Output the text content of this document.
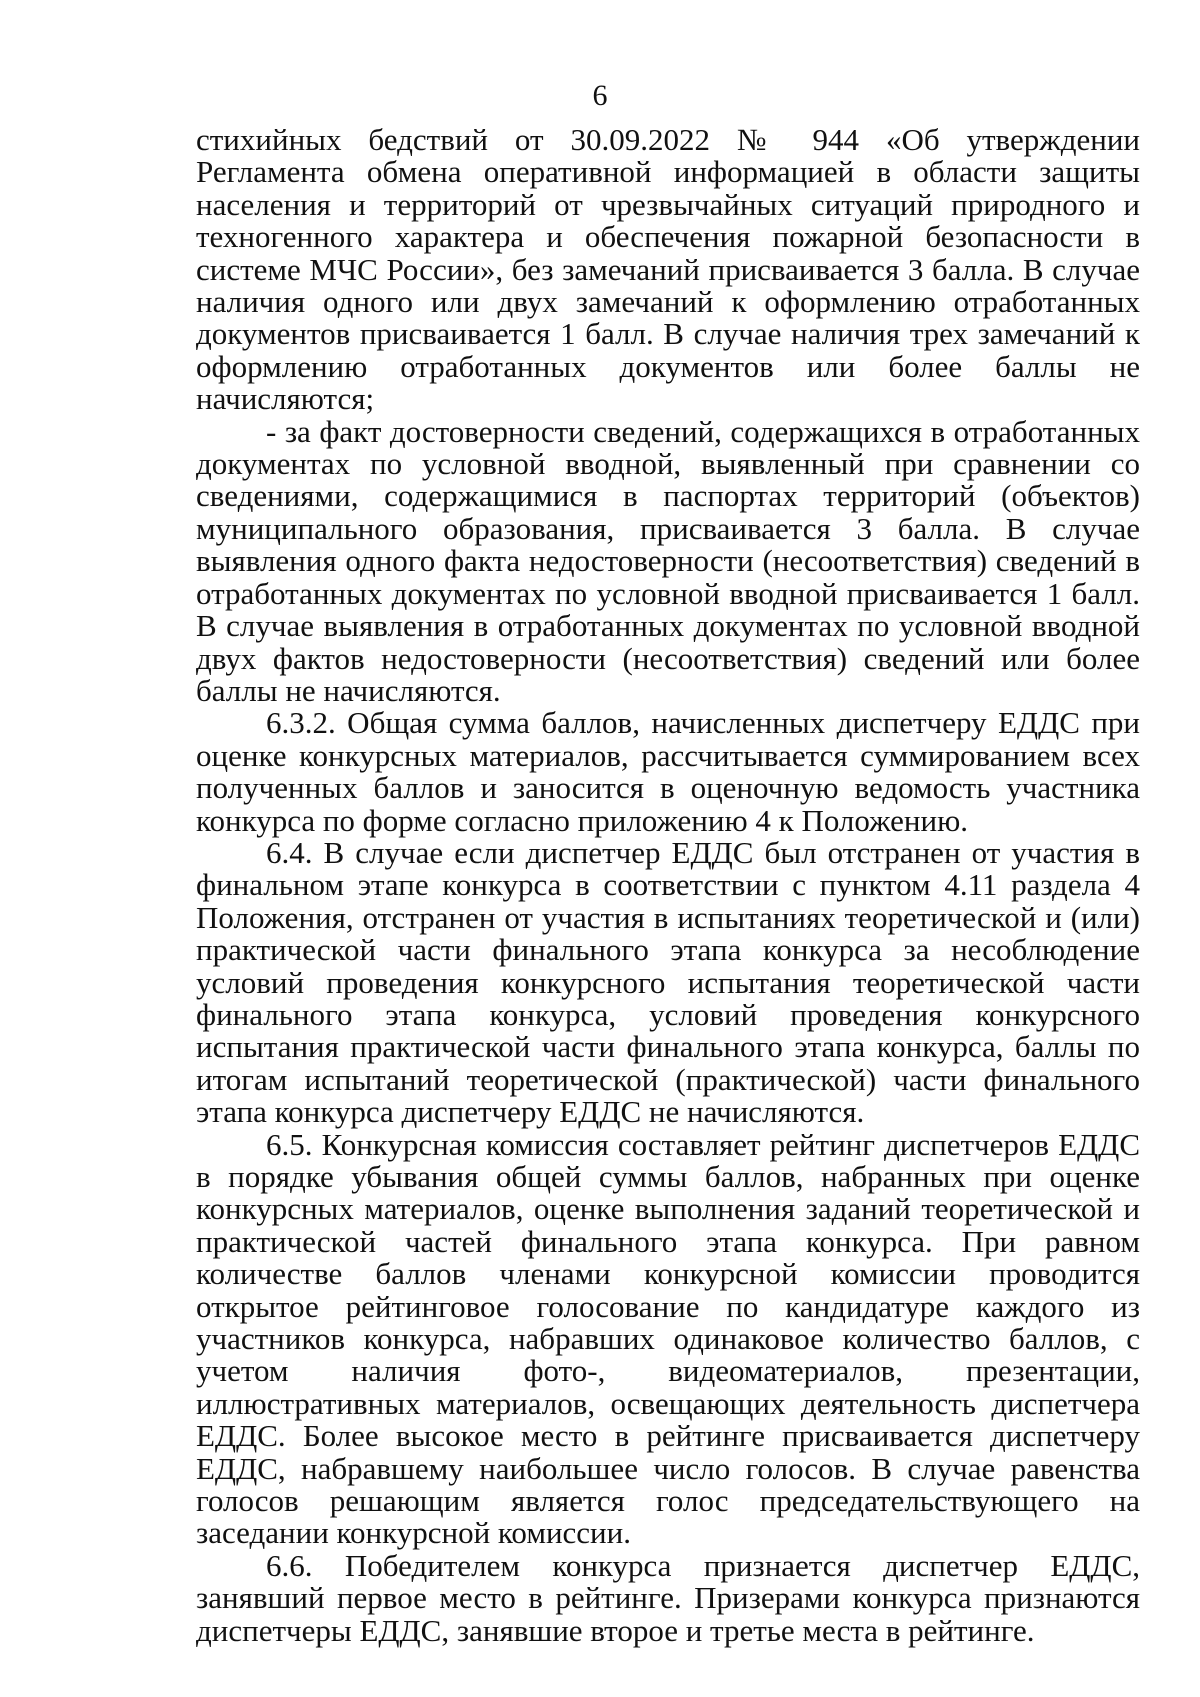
6

стихийных бедствий от 30.09.2022 № 944 «Об утверждении Регламента обмена оперативной информацией в области защиты населения и территорий от чрезвычайных ситуаций природного и техногенного характера и обеспечения пожарной безопасности в системе МЧС России», без замечаний присваивается 3 балла. В случае наличия одного или двух замечаний к оформлению отработанных документов присваивается 1 балл. В случае наличия трех замечаний к оформлению отработанных документов или более баллы не начисляются;

- за факт достоверности сведений, содержащихся в отработанных документах по условной вводной, выявленный при сравнении со сведениями, содержащимися в паспортах территорий (объектов) муниципального образования, присваивается 3 балла. В случае выявления одного факта недостоверности (несоответствия) сведений в отработанных документах по условной вводной присваивается 1 балл. В случае выявления в отработанных документах по условной вводной двух фактов недостоверности (несоответствия) сведений или более баллы не начисляются.

6.3.2. Общая сумма баллов, начисленных диспетчеру ЕДДС при оценке конкурсных материалов, рассчитывается суммированием всех полученных баллов и заносится в оценочную ведомость участника конкурса по форме согласно приложению 4 к Положению.

6.4. В случае если диспетчер ЕДДС был отстранен от участия в финальном этапе конкурса в соответствии с пунктом 4.11 раздела 4 Положения, отстранен от участия в испытаниях теоретической и (или) практической части финального этапа конкурса за несоблюдение условий проведения конкурсного испытания теоретической части финального этапа конкурса, условий проведения конкурсного испытания практической части финального этапа конкурса, баллы по итогам испытаний теоретической (практической) части финального этапа конкурса диспетчеру ЕДДС не начисляются.

6.5. Конкурсная комиссия составляет рейтинг диспетчеров ЕДДС в порядке убывания общей суммы баллов, набранных при оценке конкурсных материалов, оценке выполнения заданий теоретической и практической частей финального этапа конкурса. При равном количестве баллов членами конкурсной комиссии проводится открытое рейтинговое голосование по кандидатуре каждого из участников конкурса, набравших одинаковое количество баллов, с учетом наличия фото-, видеоматериалов, презентации, иллюстративных материалов, освещающих деятельность диспетчера ЕДДС. Более высокое место в рейтинге присваивается диспетчеру ЕДДС, набравшему наибольшее число голосов. В случае равенства голосов решающим является голос председательствующего на заседании конкурсной комиссии.

6.6. Победителем конкурса признается диспетчер ЕДДС, занявший первое место в рейтинге. Призерами конкурса признаются диспетчеры ЕДДС, занявшие второе и третье места в рейтинге.
